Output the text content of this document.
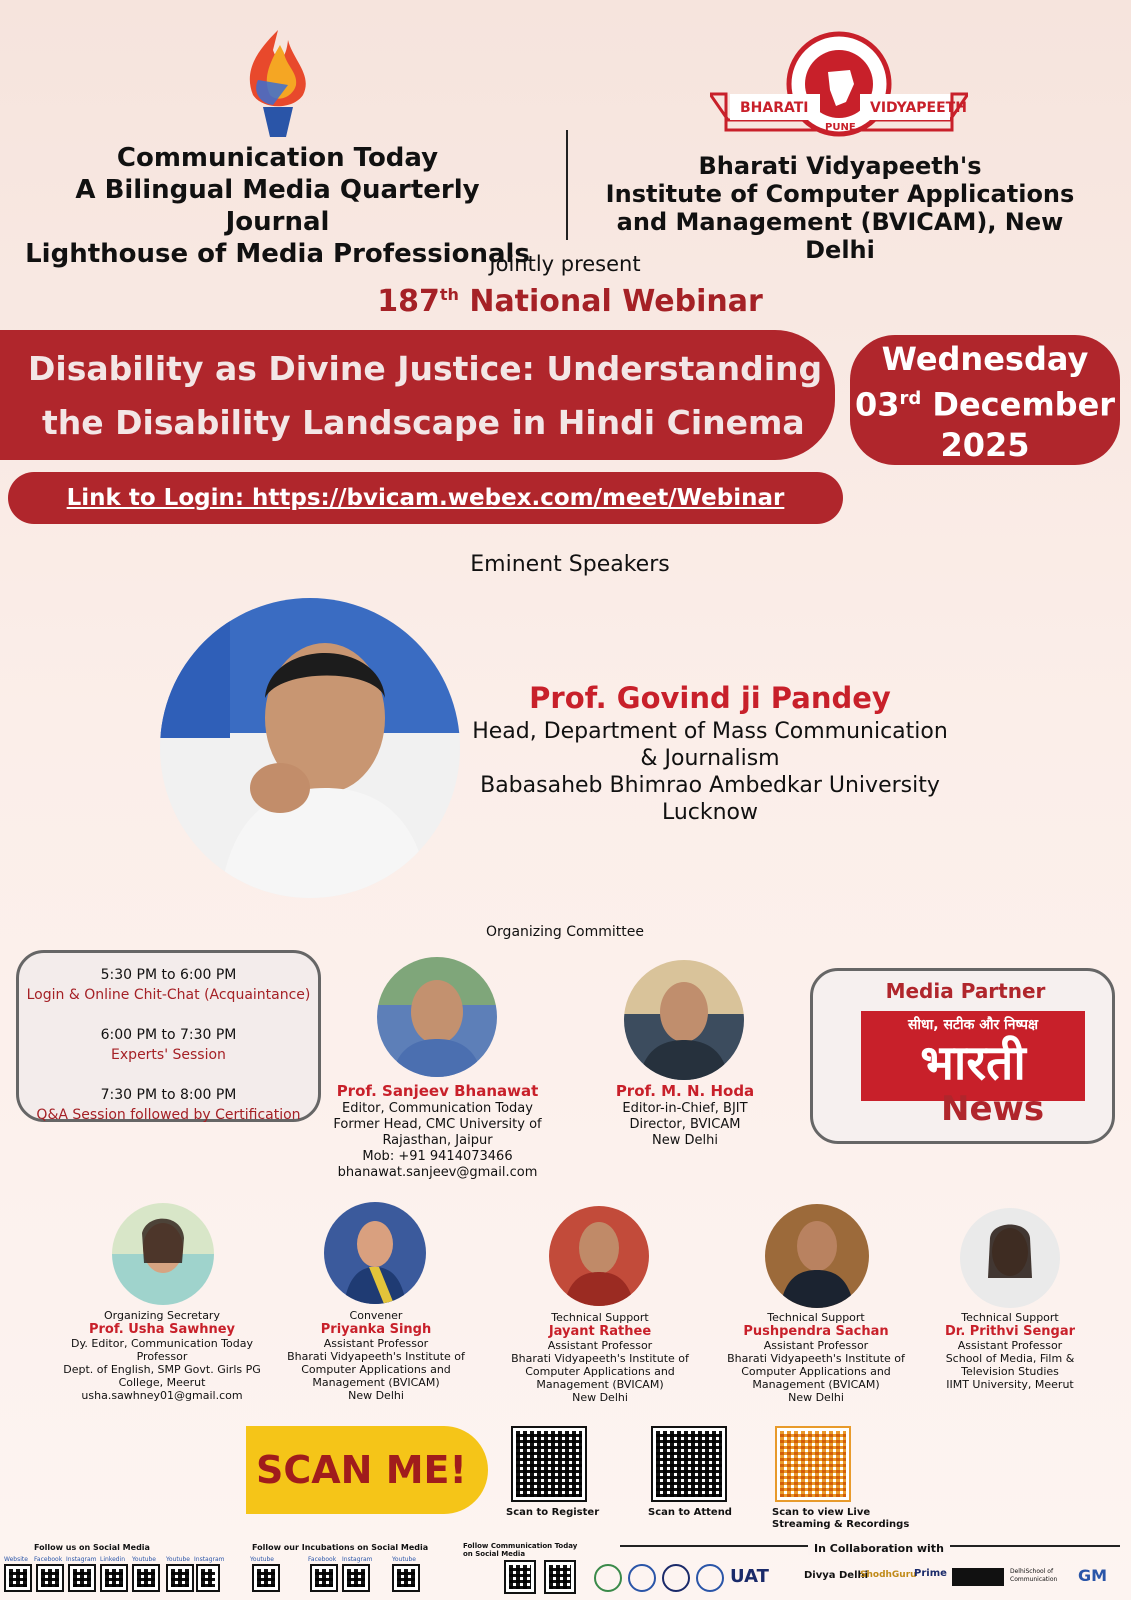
Communication Today
A Bilingual Media Quarterly Journal
Lighthouse of Media Professionals
BHARATI	VIDYAPEETH
PUNE
Bharati Vidyapeeth's
Institute of Computer Applications
and Management (BVICAM), New Delhi
Jointly present
187th National Webinar
Disability as Divine Justice: Understanding
the Disability Landscape in Hindi Cinema
Wednesday
03rd December
2025
Link to Login: https://bvicam.webex.com/meet/Webinar
Eminent Speakers
Prof. Govind ji Pandey
Head, Department of Mass Communication
& Journalism
Babasaheb Bhimrao Ambedkar University
Lucknow
Organizing Committee
5:30 PM to 6:00 PM
Login & Online Chit-Chat (Acquaintance)
6:00 PM to 7:30 PM
Experts' Session
7:30 PM to 8:00 PM
Q&A Session followed by Certification
Prof. Sanjeev Bhanawat
Editor, Communication Today
Former Head, CMC University of
Rajasthan, Jaipur
Mob: +91 9414073466
bhanawat.sanjeev@gmail.com
Prof. M. N. Hoda
Editor-in-Chief, BJIT
Director, BVICAM
New Delhi
Media Partner
सीधा, सटीक और निष्पक्ष
भारती
News
Organizing Secretary
Prof. Usha Sawhney
Dy. Editor, Communication Today
Professor
Dept. of English, SMP Govt. Girls PG
College, Meerut
usha.sawhney01@gmail.com
Convener
Priyanka Singh
Assistant Professor
Bharati Vidyapeeth's Institute of
Computer Applications and
Management (BVICAM)
New Delhi
Technical Support
Jayant Rathee
Assistant Professor
Bharati Vidyapeeth's Institute of
Computer Applications and
Management (BVICAM)
New Delhi
Technical Support
Pushpendra Sachan
Assistant Professor
Bharati Vidyapeeth's Institute of
Computer Applications and
Management (BVICAM)
New Delhi
Technical Support
Dr. Prithvi Sengar
Assistant Professor
School of Media, Film &
Television Studies
IIMT University, Meerut
SCAN ME!
Scan to Register	Scan to Attend	Scan to view Live Streaming & Recordings
Follow us on Social Media
Website Facebook Instagram Linkedin Youtube Youtube Instagram
Follow our Incubations on Social Media
Youtube	Facebook Instagram	Youtube
Follow Communication Today on Social Media	In Collaboration with
UAT	Divya Delhi
ShodhGuru
Prime	DelhiSchool of Communication	GM
